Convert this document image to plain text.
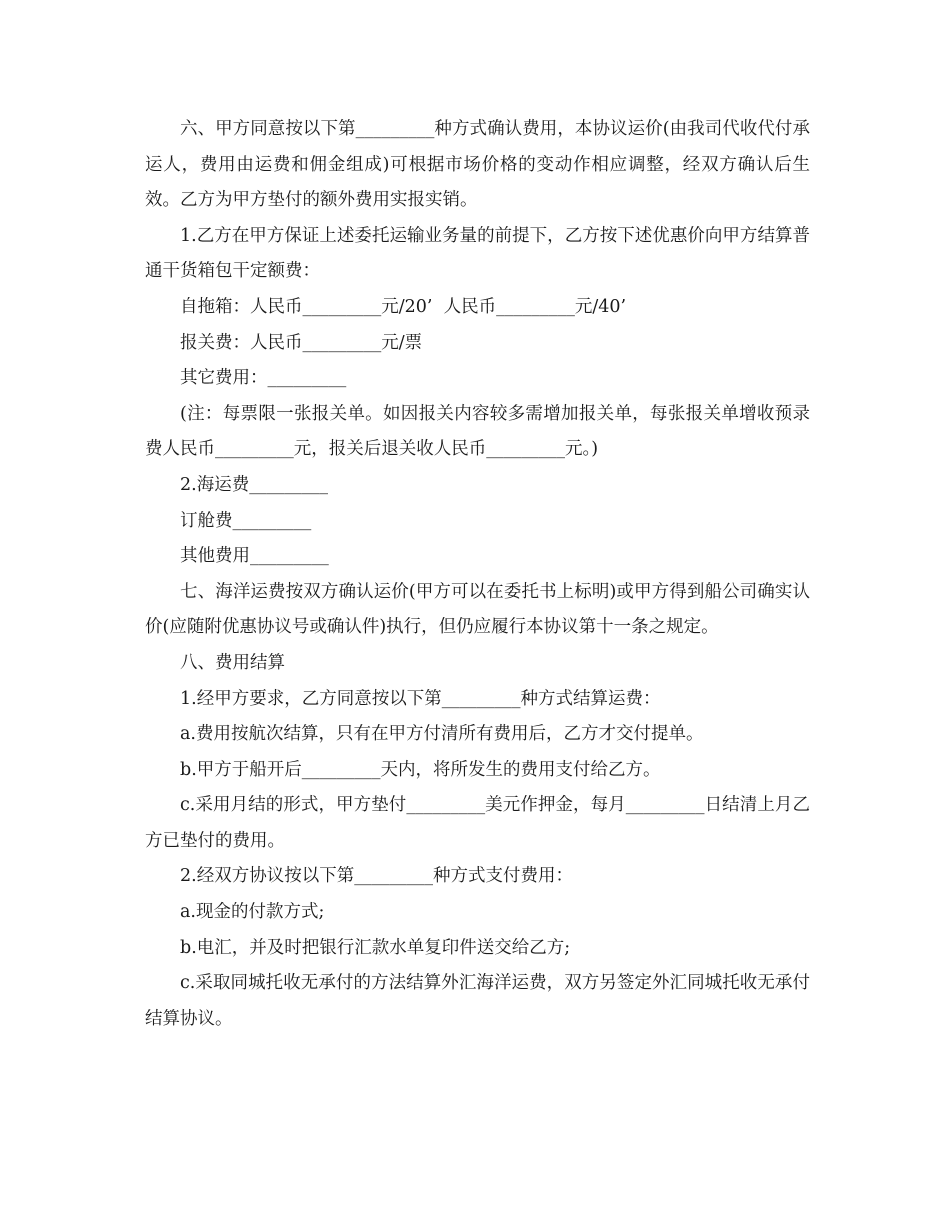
六、甲方同意按以下第_________种方式确认费用，本协议运价(由我司代收代付承运人，费用由运费和佣金组成)可根据市场价格的变动作相应调整，经双方确认后生效。乙方为甲方垫付的额外费用实报实销。

1.乙方在甲方保证上述委托运输业务量的前提下，乙方按下述优惠价向甲方结算普通干货箱包干定额费：

自拖箱：人民币_________元/20’  人民币_________元/40’

报关费：人民币_________元/票

其它费用：_________

(注：每票限一张报关单。如因报关内容较多需增加报关单，每张报关单增收预录费人民币_________元，报关后退关收人民币_________元。)

2.海运费_________

订舱费_________

其他费用_________

七、海洋运费按双方确认运价(甲方可以在委托书上标明)或甲方得到船公司确实认价(应随附优惠协议号或确认件)执行，但仍应履行本协议第十一条之规定。

八、费用结算

1.经甲方要求，乙方同意按以下第_________种方式结算运费：

a.费用按航次结算，只有在甲方付清所有费用后，乙方才交付提单。

b.甲方于船开后_________天内，将所发生的费用支付给乙方。

c.采用月结的形式，甲方垫付_________美元作押金，每月_________日结清上月乙方已垫付的费用。

2.经双方协议按以下第_________种方式支付费用：

a.现金的付款方式;

b.电汇，并及时把银行汇款水单复印件送交给乙方;

c.采取同城托收无承付的方法结算外汇海洋运费，双方另签定外汇同城托收无承付结算协议。
